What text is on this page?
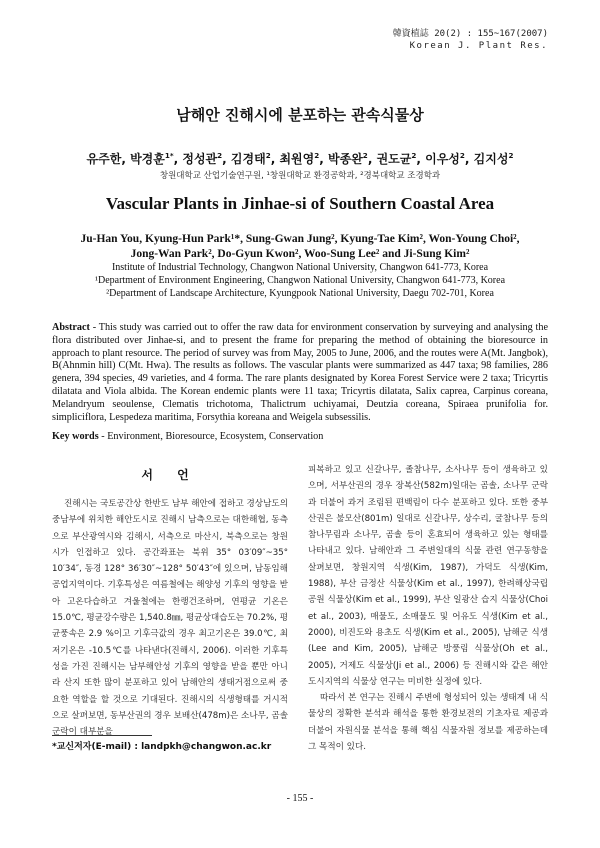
韓資植誌 20(2) : 155~167(2007)
Korean J. Plant Res.
남해안 진해시에 분포하는 관속식물상
유주한, 박경훈$^{1*}$, 정성관$^2$, 김경태$^2$, 최원영$^2$, 박종완$^2$, 권도균$^2$, 이우성$^2$, 김지성$^2$
창원대학교 산업기술연구원, ¹창원대학교 환경공학과, ²경북대학교 조경학과
Vascular Plants in Jinhae-si of Southern Coastal Area
Ju-Han You, Kyung-Hun Park¹*, Sung-Gwan Jung², Kyung-Tae Kim², Won-Young Choi²,
Jong-Wan Park², Do-Gyun Kwon², Woo-Sung Lee² and Ji-Sung Kim²
Institute of Industrial Technology, Changwon National University, Changwon 641-773, Korea
¹Department of Environment Engineering, Changwon National University, Changwon 641-773, Korea
²Department of Landscape Architecture, Kyungpook National University, Daegu 702-701, Korea
Abstract - This study was carried out to offer the raw data for environment conservation by surveying and analysing the flora distributed over Jinhae-si, and to present the frame for preparing the method of obtaining the bioresource in approach to plant resource. The period of survey was from May, 2005 to June, 2006, and the routes were A(Mt. Jangbok), B(Ahnmin hill) C(Mt. Hwa). The results as follows. The vascular plants were summarized as 447 taxa; 98 families, 286 genera, 394 species, 49 varieties, and 4 forma. The rare plants designated by Korea Forest Service were 2 taxa; Tricyrtis dilatata and Viola albida. The Korean endemic plants were 11 taxa; Tricyrtis dilatata, Salix caprea, Carpinus coreana, Melandryum seoulense, Clematis trichotoma, Thalictrum uchiyamai, Deutzia coreana, Spiraea prunifolia for. simpliciflora, Lespedeza maritima, Forsythia koreana and Weigela subsessilis.
Key words - Environment, Bioresource, Ecosystem, Conservation
서 언

진해시는 국토공간상 한반도 남부 해안에 접하고 경상남도의 중남부에 위치한 해안도시로 진해시 남측으로는 대한해협, 동측으로 부산광역시와 김해시, 서측으로 마산시, 북측으로는 창원시가 인접하고 있다. 공간좌표는 북위 35° 03′09″~35° 10′34″, 동경 128° 36′30″~128° 50′43″에 있으며, 남동임해공업지역이다. 기후특성은 여름철에는 해양성 기후의 영향을 받아 고온다습하고 겨울철에는 한랭건조하며, 연평균 기온은 15.0℃, 평균강수량은 1,540.8㎜, 평균상대습도는 70.2%, 평균풍속은 2.9 %이고 기후극값의 경우 최고기온은 39.0℃, 최저기온은 -10.5℃를 나타낸다(진해시, 2006). 이러한 기후특성을 가진 진해시는 남부해안성 기후의 영향을 받을 뿐만 아니라 산지 또한 많이 분포하고 있어 남해안의 생태거점으로써 중요한 역할을 할 것으로 기대된다. 진해시의 식생형태를 거시적으로 살펴보면, 동부산권의 경우 보배산(478m)은 소나무, 곰솔군락이 대부분을

피복하고 있고 신갈나무, 졸참나무, 소사나무 등이 생육하고 있으며, 서부산권의 경우 장복산(582m)일대는 곰솔, 소나무 군락과 더불어 과거 조림된 편백림이 다수 분포하고 있다. 또한 중부산권은 불모산(801m) 일대로 신갈나무, 상수리, 굴참나무 등의 참나무림과 소나무, 곰솔 등이 혼효되어 생육하고 있는 형태를 나타내고 있다. 남해안과 그 주변일대의 식물 관련 연구동향을 살펴보면, 창원지역 식생(Kim, 1987), 가덕도 식생(Kim, 1988), 부산 금정산 식물상(Kim et al., 1997), 한려해상국립공원 식물상(Kim et al., 1999), 부산 일광산 습지 식물상(Choi et al., 2003), 매물도, 소매물도 및 어유도 식생(Kim et al., 2000), 비진도와 용초도 식생(Kim et al., 2005), 남해군 식생(Lee and Kim, 2005), 남해군 방풍림 식물상(Oh et al., 2005), 거제도 식물상(Ji et al., 2006) 등 진해시와 같은 해안도시지역의 식물상 연구는 미비한 실정에 있다.

따라서 본 연구는 진해시 주변에 형성되어 있는 생태계 내 식물상의 정확한 분석과 해석을 통한 환경보전의 기초자료 제공과 더불어 자원식물 분석을 통해 핵심 식물자원 정보를 제공하는데 그 목적이 있다.

*교신저자(E-mail) : landpkh@changwon.ac.kr
- 155 -
